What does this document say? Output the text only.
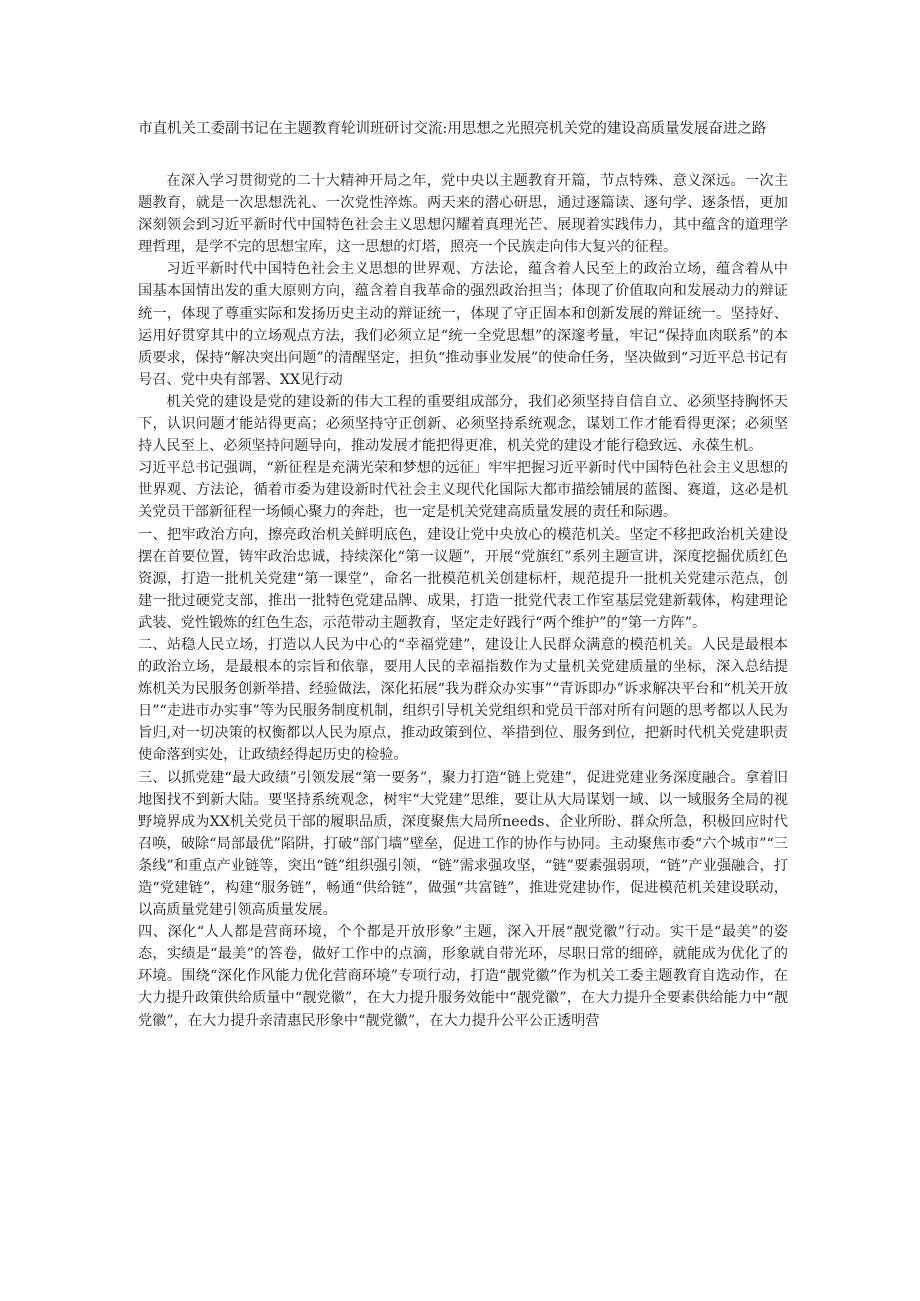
市直机关工委副书记在主题教育轮训班研讨交流:用思想之光照亮机关党的建设高质量发展奋进之路

在深入学习贯彻党的二十大精神开局之年，党中央以主题教育开篇，节点特殊、意义深远。一次主题教育，就是一次思想洗礼、一次党性淬炼。两天来的潜心研思，通过逐篇读、逐句学、逐条悟，更加深刻领会到习近平新时代中国特色社会主义思想闪耀着真理光芒、展现着实践伟力，其中蕴含的道理学理哲理，是学不完的思想宝库，这一思想的灯塔，照亮一个民族走向伟大复兴的征程。

习近平新时代中国特色社会主义思想的世界观、方法论，蕴含着人民至上的政治立场，蕴含着从中国基本国情出发的重大原则方向，蕴含着自我革命的强烈政治担当；体现了价值取向和发展动力的辩证统一，体现了尊重实际和发扬历史主动的辩证统一，体现了守正固本和创新发展的辩证统一。坚持好、运用好贯穿其中的立场观点方法，我们必须立足“统一全党思想”的深邃考量，牢记“保持血肉联系”的本质要求，保持“解决突出问题”的清醒坚定，担负“推动事业发展”的使命任务，坚决做到“习近平总书记有号召、党中央有部署、XX见行动

机关党的建设是党的建设新的伟大工程的重要组成部分，我们必须坚持自信自立、必须坚持胸怀天下，认识问题才能站得更高；必须坚持守正创新、必须坚持系统观念，谋划工作才能看得更深；必须坚持人民至上、必须坚持问题导向，推动发展才能把得更准，机关党的建设才能行稳致远、永葆生机。

习近平总书记强调，“新征程是充满光荣和梦想的远征」牢牢把握习近平新时代中国特色社会主义思想的世界观、方法论，循着市委为建设新时代社会主义现代化国际大都市描绘铺展的蓝图、赛道，这必是机关党员干部新征程一场倾心聚力的奔赴，也一定是机关党建高质量发展的责任和际遇。

一、把牢政治方向，擦亮政治机关鲜明底色，建设让党中央放心的模范机关。坚定不移把政治机关建设摆在首要位置，铸牢政治忠诚，持续深化“第一议题”，开展“党旗红”系列主题宣讲，深度挖掘优质红色资源，打造一批机关党建“第一课堂”，命名一批模范机关创建标杆，规范提升一批机关党建示范点，创建一批过硬党支部，推出一批特色党建品牌、成果，打造一批党代表工作室基层党建新载体，构建理论武装、党性锻炼的红色生态，示范带动主题教育，坚定走好践行“两个维护”的“第一方阵”。

二、站稳人民立场，打造以人民为中心的“幸福党建”，建设让人民群众满意的模范机关。人民是最根本的政治立场，是最根本的宗旨和依靠，要用人民的幸福指数作为丈量机关党建质量的坐标，深入总结提炼机关为民服务创新举措、经验做法，深化拓展“我为群众办实事”“青诉即办”诉求解决平台和“机关开放日”“走进市办实事”等为民服务制度机制，组织引导机关党组织和党员干部对所有问题的思考都以人民为旨归,对一切决策的权衡都以人民为原点，推动政策到位、举措到位、服务到位，把新时代机关党建职责使命落到实处，让政绩经得起历史的检验。

三、以抓党建“最大政绩”引领发展“第一要务”，聚力打造“链上党建”，促进党建业务深度融合。拿着旧地图找不到新大陆。要坚持系统观念，树牢“大党建”思维，要让从大局谋划一域、以一域服务全局的视野境界成为XX机关党员干部的履职品质，深度聚焦大局所needs、企业所盼、群众所急，积极回应时代召唤，破除“局部最优”陷阱，打破“部门墙”壁垒，促进工作的协作与协同。主动聚焦市委“六个城市”“三条线”和重点产业链等，突出“链”组织强引领，“链”需求强攻坚，“链”要素强弱项，“链”产业强融合，打造“党建链”，构建“服务链”，畅通“供给链”，做强“共富链”，推进党建协作，促进模范机关建设联动，以高质量党建引领高质量发展。

四、深化“人人都是营商环境，个个都是开放形象”主题，深入开展“靓党徽”行动。实干是“最美”的姿态，实绩是“最美”的答卷，做好工作中的点滴，形象就自带光环，尽职日常的细碎，就能成为优化了的环境。围绕“深化作风能力优化营商环境”专项行动，打造“靓党徽”作为机关工委主题教育自选动作，在大力提升政策供给质量中“靓党徽”，在大力提升服务效能中“靓党徽”，在大力提升全要素供给能力中“靓党徽”，在大力提升亲清惠民形象中“靓党徽”，在大力提升公平公正透明营
